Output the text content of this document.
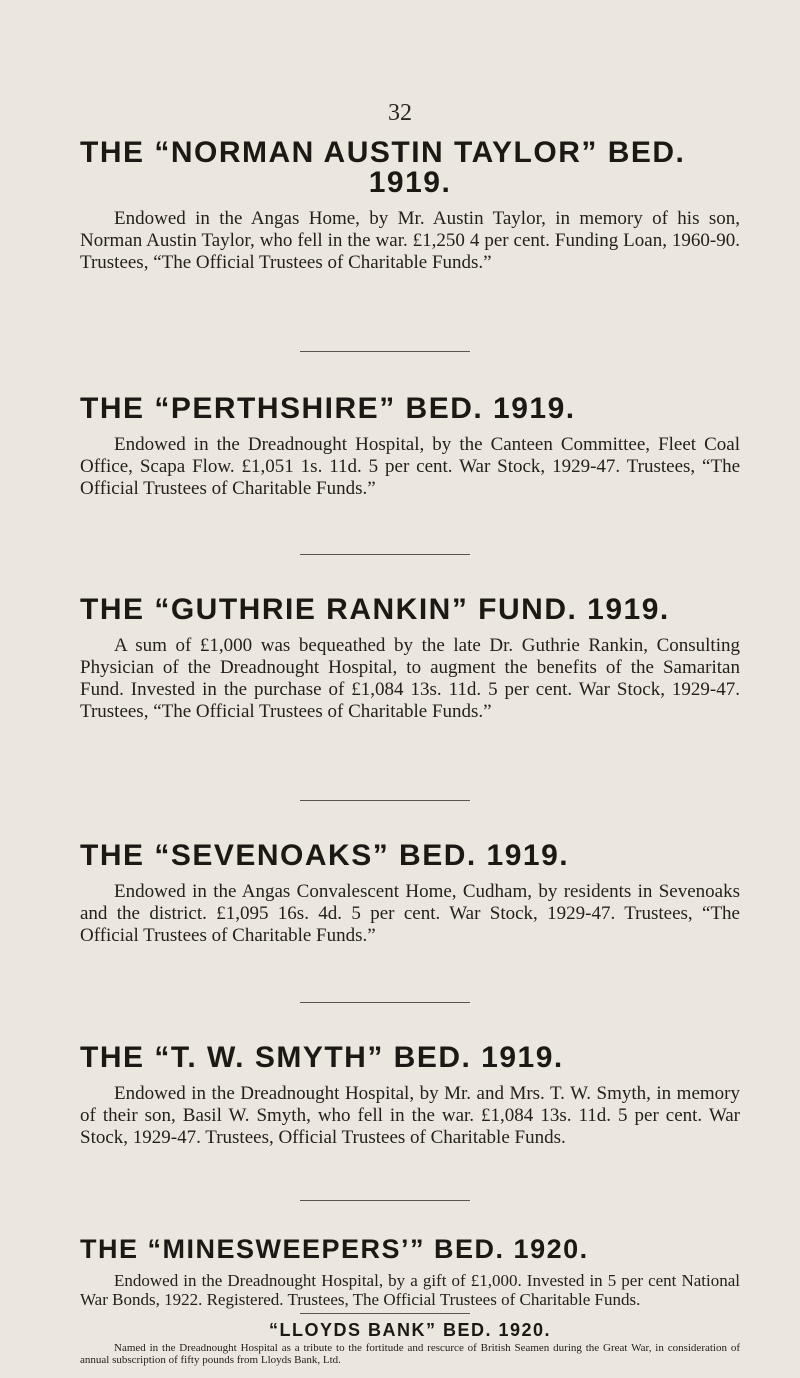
32
THE “NORMAN AUSTIN TAYLOR” BED.
1919.

Endowed in the Angas Home, by Mr. Austin Taylor, in memory of his son, Norman Austin Taylor, who fell in the war. £1,250 4 per cent. Funding Loan, 1960-90. Trustees, “The Official Trustees of Charitable Funds.”

THE “PERTHSHIRE” BED. 1919.

Endowed in the Dreadnought Hospital, by the Canteen Committee, Fleet Coal Office, Scapa Flow. £1,051 1s. 11d. 5 per cent. War Stock, 1929-47. Trustees, “The Official Trustees of Charitable Funds.”

THE “GUTHRIE RANKIN” FUND. 1919.

A sum of £1,000 was bequeathed by the late Dr. Guthrie Rankin, Consulting Physician of the Dreadnought Hospital, to augment the benefits of the Samaritan Fund. Invested in the purchase of £1,084 13s. 11d. 5 per cent. War Stock, 1929-47. Trustees, “The Official Trustees of Charitable Funds.”

THE “SEVENOAKS” BED. 1919.

Endowed in the Angas Convalescent Home, Cudham, by residents in Sevenoaks and the district. £1,095 16s. 4d. 5 per cent. War Stock, 1929-47. Trustees, “The Official Trustees of Charitable Funds.”

THE “T. W. SMYTH” BED. 1919.

Endowed in the Dreadnought Hospital, by Mr. and Mrs. T. W. Smyth, in memory of their son, Basil W. Smyth, who fell in the war. £1,084 13s. 11d. 5 per cent. War Stock, 1929-47. Trustees, Official Trustees of Charitable Funds.

THE “MINESWEEPERS’” BED. 1920.

Endowed in the Dreadnought Hospital, by a gift of £1,000. Invested in 5 per cent National War Bonds, 1922. Registered. Trustees, The Official Trustees of Charitable Funds.

“LLOYDS BANK” BED. 1920.

Named in the Dreadnought Hospital as a tribute to the fortitude and rescurce of British Seamen during the Great War, in consideration of annual subscription of fifty pounds from Lloyds Bank, Ltd.
